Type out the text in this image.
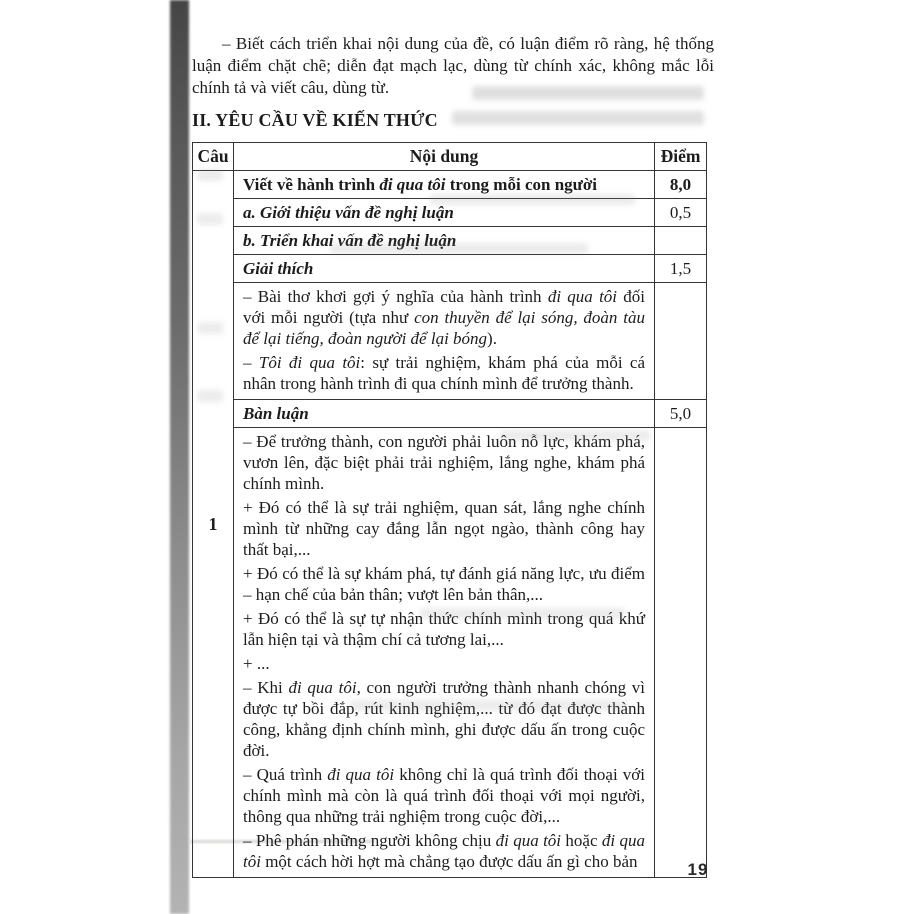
– Biết cách triển khai nội dung của đề, có luận điểm rõ ràng, hệ thống luận điểm chặt chẽ; diễn đạt mạch lạc, dùng từ chính xác, không mắc lỗi chính tả và viết câu, dùng từ.

II. YÊU CẦU VỀ KIẾN THỨC
Câu	Nội dung	Điểm
1	Viết về hành trình đi qua tôi trong mỗi con người	8,0
	a. Giới thiệu vấn đề nghị luận	0,5
	b. Triển khai vấn đề nghị luận	
	Giải thích	1,5

	– Bài thơ khơi gợi ý nghĩa của hành trình đi qua tôi đối với mỗi người (tựa như con thuyền để lại sóng, đoàn tàu để lại tiếng, đoàn người để lại bóng).
– Tôi đi qua tôi: sự trải nghiệm, khám phá của mỗi cá nhân trong hành trình đi qua chính mình để trưởng thành.	

	Bàn luận	5,0

– Để trưởng thành, con người phải luôn nỗ lực, khám phá, vươn lên, đặc biệt phải trải nghiệm, lắng nghe, khám phá chính mình.
+ Đó có thể là sự trải nghiệm, quan sát, lắng nghe chính mình từ những cay đắng lẫn ngọt ngào, thành công hay thất bại,...
+ Đó có thể là sự khám phá, tự đánh giá năng lực, ưu điểm – hạn chế của bản thân; vượt lên bản thân,...
+ Đó có thể là sự tự nhận thức chính mình trong quá khứ lẫn hiện tại và thậm chí cả tương lai,...
+ ...
– Khi đi qua tôi, con người trưởng thành nhanh chóng vì được tự bồi đắp, rút kinh nghiệm,... từ đó đạt được thành công, khẳng định chính mình, ghi được dấu ấn trong cuộc đời.
– Quá trình đi qua tôi không chỉ là quá trình đối thoại với chính mình mà còn là quá trình đối thoại với mọi người, thông qua những trải nghiệm trong cuộc đời,...
– Phê phán những người không chịu đi qua tôi hoặc đi qua tôi một cách hời hợt mà chẳng tạo được dấu ấn gì cho bản
		19
